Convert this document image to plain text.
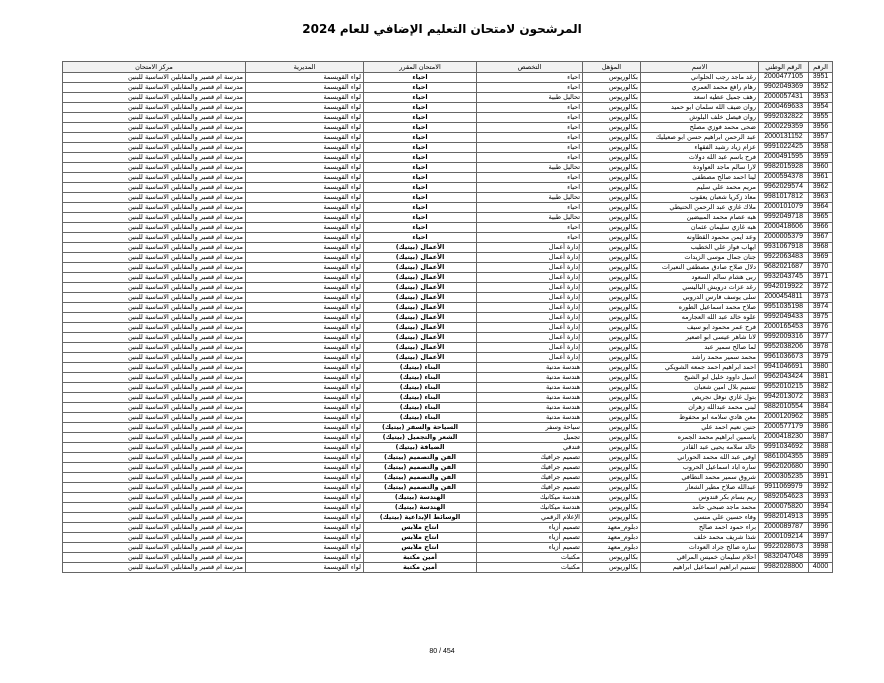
المرشحون لامتحان التعليم الإضافي للعام 2024
الرقم	الرقم الوطني	الاسم	المؤهل	التخصص	الامتحان المقرر	المديرية	مركز الامتحان
3951	2000477105	رغد ماجد رجب الحلواني	بكالوريوس	احياء	احياء	لواء القويسمة	مدرسة ام قصير والمقابلين الاساسية للبنين
3952	9902049369	رهام رافع محمد العمري	بكالوريوس	احياء	احياء	لواء القويسمة	مدرسة ام قصير والمقابلين الاساسية للبنين
3953	2000057431	رهف جميل عطيه اسعد	بكالوريوس	تحاليل طبية	احياء	لواء القويسمة	مدرسة ام قصير والمقابلين الاساسية للبنين
3954	2000469633	روان ضيف الله سلمان ابو حميد	بكالوريوس	احياء	احياء	لواء القويسمة	مدرسة ام قصير والمقابلين الاساسية للبنين
3955	9992032822	روان فيصل خلف البلوش	بكالوريوس	احياء	احياء	لواء القويسمة	مدرسة ام قصير والمقابلين الاساسية للبنين
3956	2000229359	ضحى محمد فوزي مصلح	بكالوريوس	احياء	احياء	لواء القويسمة	مدرسة ام قصير والمقابلين الاساسية للبنين
3957	2000131152	عبد الرحمن ابراهيم حسن ابو صعيليك	بكالوريوس	احياء	احياء	لواء القويسمة	مدرسة ام قصير والمقابلين الاساسية للبنين
3958	9991022425	عزام زياد رشيد الفقهاء	بكالوريوس	احياء	احياء	لواء القويسمة	مدرسة ام قصير والمقابلين الاساسية للبنين
3959	2000491595	فرح باسم عبد الله دولات	بكالوريوس	احياء	احياء	لواء القويسمة	مدرسة ام قصير والمقابلين الاساسية للبنين
3960	9982015928	لارا سالم ماجد العواودة	بكالوريوس	تحاليل طبية	احياء	لواء القويسمة	مدرسة ام قصير والمقابلين الاساسية للبنين
3961	2000594378	لينا احمد صالح مصطفى	بكالوريوس	احياء	احياء	لواء القويسمة	مدرسة ام قصير والمقابلين الاساسية للبنين
3962	9962029574	مريم محمد علي سليم	بكالوريوس	احياء	احياء	لواء القويسمة	مدرسة ام قصير والمقابلين الاساسية للبنين
3963	9981017812	معاذ زكريا شعبان يعقوب	بكالوريوس	تحاليل طبية	احياء	لواء القويسمة	مدرسة ام قصير والمقابلين الاساسية للبنين
3964	2000101079	ملاك غازي عبد الرحمن الحنيطي	بكالوريوس	احياء	احياء	لواء القويسمة	مدرسة ام قصير والمقابلين الاساسية للبنين
3965	9992049718	هبه عصام محمد المبيضين	بكالوريوس	تحاليل طبية	احياء	لواء القويسمة	مدرسة ام قصير والمقابلين الاساسية للبنين
3966	2000418606	هبه غازي سليمان عثمان	بكالوريوس	احياء	احياء	لواء القويسمة	مدرسة ام قصير والمقابلين الاساسية للبنين
3967	2000005379	وعد ايمن محمود القطاونه	بكالوريوس	احياء	احياء	لواء القويسمة	مدرسة ام قصير والمقابلين الاساسية للبنين
3968	9931067918	ايهاب فواز علي الخطيب	بكالوريوس	إدارة أعمال	الأعمال (بيتيك)	لواء القويسمة	مدرسة ام قصير والمقابلين الاساسية للبنين
3969	9922063483	جنان جمال موسى الزيدات	بكالوريوس	إدارة أعمال	الأعمال (بيتيك)	لواء القويسمة	مدرسة ام قصير والمقابلين الاساسية للبنين
3970	9682021687	دلال صلاح صادق مصطفى النعيرات	بكالوريوس	إدارة أعمال	الأعمال (بيتيك)	لواء القويسمة	مدرسة ام قصير والمقابلين الاساسية للبنين
3971	9932043745	ربى هشام سالم السعود	بكالوريوس	إدارة أعمال	الأعمال (بيتيك)	لواء القويسمة	مدرسة ام قصير والمقابلين الاساسية للبنين
3972	9942019922	رغد عزات درويش الباليسي	بكالوريوس	إدارة أعمال	الأعمال (بيتيك)	لواء القويسمة	مدرسة ام قصير والمقابلين الاساسية للبنين
3973	2000454811	سلى يوسف فارس الدروبي	بكالوريوس	إدارة أعمال	الأعمال (بيتيك)	لواء القويسمة	مدرسة ام قصير والمقابلين الاساسية للبنين
3974	9951035198	صلاح محمد اسماعيل الطوره	بكالوريوس	إدارة أعمال	الأعمال (بيتيك)	لواء القويسمة	مدرسة ام قصير والمقابلين الاساسية للبنين
3975	9992049433	علوه خالد عبد الله العجارمه	بكالوريوس	إدارة أعمال	الأعمال (بيتيك)	لواء القويسمة	مدرسة ام قصير والمقابلين الاساسية للبنين
3976	2000165453	فرح عمر محمود ابو سيف	بكالوريوس	إدارة أعمال	الأعمال (بيتيك)	لواء القويسمة	مدرسة ام قصير والمقابلين الاساسية للبنين
3977	9992009316	لانا شاهر عيسى ابو اصعير	بكالوريوس	إدارة أعمال	الأعمال (بيتيك)	لواء القويسمة	مدرسة ام قصير والمقابلين الاساسية للبنين
3978	9952038206	لما صالح سمير عبد	بكالوريوس	إدارة أعمال	الأعمال (بيتيك)	لواء القويسمة	مدرسة ام قصير والمقابلين الاساسية للبنين
3979	9961036673	محمد سمير محمد راشد	بكالوريوس	إدارة أعمال	الأعمال (بيتيك)	لواء القويسمة	مدرسة ام قصير والمقابلين الاساسية للبنين
3980	9941046691	احمد ابراهيم احمد جمعه الشويكي	بكالوريوس	هندسة مدنية	البناء (بيتيك)	لواء القويسمة	مدرسة ام قصير والمقابلين الاساسية للبنين
3981	9962043424	اسيل داوود خليل ابو الشيخ	بكالوريوس	هندسة مدنية	البناء (بيتيك)	لواء القويسمة	مدرسة ام قصير والمقابلين الاساسية للبنين
3982	9952010215	تسنيم بلال امين شعبان	بكالوريوس	هندسة مدنية	البناء (بيتيك)	لواء القويسمة	مدرسة ام قصير والمقابلين الاساسية للبنين
3983	9942013072	بتول غازي نوفل نجريص	بكالوريوس	هندسة مدنية	البناء (بيتيك)	لواء القويسمة	مدرسة ام قصير والمقابلين الاساسية للبنين
3984	9882010554	لبنى محمد عبدالله زهران	بكالوريوس	هندسة مدنية	البناء (بيتيك)	لواء القويسمة	مدرسة ام قصير والمقابلين الاساسية للبنين
3985	2000120962	معن هادي سلامه ابو محفوظ	بكالوريوس	هندسة مدنية	البناء (بيتيك)	لواء القويسمة	مدرسة ام قصير والمقابلين الاساسية للبنين
3986	2000577179	حنين نعيم احمد علي	بكالوريوس	سياحة وسفر	السياحة والسفر (بيتيك)	لواء القويسمة	مدرسة ام قصير والمقابلين الاساسية للبنين
3987	2000418230	ياسمين ابراهيم محمد الجمره	بكالوريوس	تجميل	الشعر والتجميل (بيتيك)	لواء القويسمة	مدرسة ام قصير والمقابلين الاساسية للبنين
3988	9991034692	خالد سلامه يحيى عبد القادر	بكالوريوس	فندقي	الضيافة (بيتيك)	لواء القويسمة	مدرسة ام قصير والمقابلين الاساسية للبنين
3989	9861004355	اوفى عبد الله محمد الحوراني	بكالوريوس	تصميم جرافيك	الفن والتصميم (بيتيك)	لواء القويسمة	مدرسة ام قصير والمقابلين الاساسية للبنين
3990	9962020680	ساره اياد اسماعيل الحروب	بكالوريوس	تصميم جرافيك	الفن والتصميم (بيتيك)	لواء القويسمة	مدرسة ام قصير والمقابلين الاساسية للبنين
3991	2000305235	شروق سمير محمد النطافي	بكالوريوس	تصميم جرافيك	الفن والتصميم (بيتيك)	لواء القويسمة	مدرسة ام قصير والمقابلين الاساسية للبنين
3992	9911069979	عبدالله صلاح مطير الشعار	بكالوريوس	تصميم جرافيك	الفن والتصميم (بيتيك)	لواء القويسمة	مدرسة ام قصير والمقابلين الاساسية للبنين
3993	9892054623	ريم بسام بكر قندوس	بكالوريوس	هندسة ميكانيك	الهندسة (بيتيك)	لواء القويسمة	مدرسة ام قصير والمقابلين الاساسية للبنين
3994	2000075820	محمد ماجد صبحي حامد	بكالوريوس	هندسة ميكانيك	الهندسة (بيتيك)	لواء القويسمة	مدرسة ام قصير والمقابلين الاساسية للبنين
3995	9982014913	وفاء حسين علي منسي	بكالوريوس	الإعلام الرقمي	الوسائط الإبداعية (بيتيك)	لواء القويسمة	مدرسة ام قصير والمقابلين الاساسية للبنين
3996	2000089787	براء حمود احمد صالح	دبلوم_معهد	تصميم أزياء	انتاج ملابس	لواء القويسمة	مدرسة ام قصير والمقابلين الاساسية للبنين
3997	2000109214	شذا شريف محمد خلف	دبلوم_معهد	تصميم أزياء	انتاج ملابس	لواء القويسمة	مدرسة ام قصير والمقابلين الاساسية للبنين
3998	9922028673	ساره صالح جراد العودات	دبلوم_معهد	تصميم أزياء	انتاج ملابس	لواء القويسمة	مدرسة ام قصير والمقابلين الاساسية للبنين
3999	9832047048	احلام سليمان خميس المراقي	بكالوريوس	مكتبات	أمين مكتبة	لواء القويسمة	مدرسة ام قصير والمقابلين الاساسية للبنين
4000	9982028800	تسنيم ابراهيم اسماعيل ابراهيم	بكالوريوس	مكتبات	أمين مكتبة	لواء القويسمة	مدرسة ام قصير والمقابلين الاساسية للبنين
80 / 454
